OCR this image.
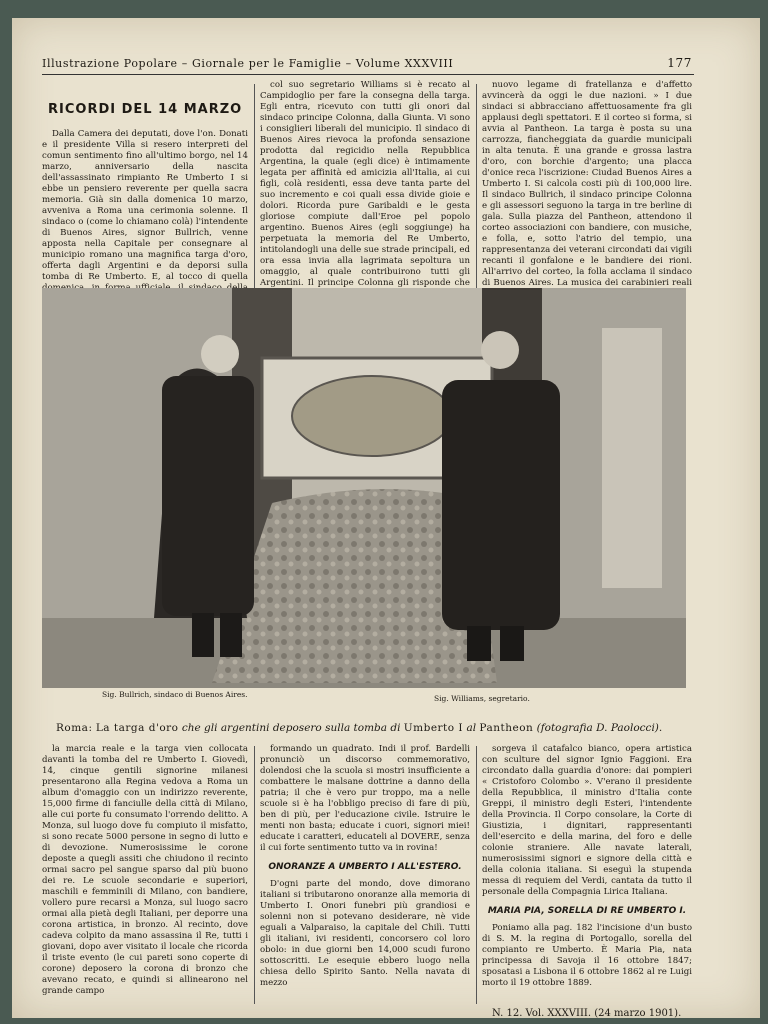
Illustrazione Popolare – Giornale per le Famiglie – Volume XXXVIII	177
RICORDI DEL 14 MARZO

Dalla Camera dei deputati, dove l'on. Donati e il presidente Villa si resero interpreti del comun sentimento fino all'ultimo borgo, nel 14 marzo, anniversario della nascita dell'assassinato rimpianto Re Umberto I si ebbe un pensiero reverente per quella sacra memoria. Già sin dalla domenica 10 marzo, avveniva a Roma una cerimonia solenne. Il sindaco o (come lo chiamano colà) l'intendente di Buenos Aires, signor Bullrich, venne apposta nella Capitale per consegnare al municipio romano una magnifica targa d'oro, offerta dagli Argentini e da deporsi sulla tomba di Re Umberto. E, al tocco di quella

col suo segretario Williams si è recato al Campidoglio per fare la consegna della targa. Egli entra, ricevuto con tutti gli onori dal sindaco principe Colonna, dalla Giunta. Vi sono i consiglieri liberali del municipio. Il sindaco di Buenos Aires rievoca la profonda sensazione prodotta dal regicidio nella Repubblica Argentina, la quale (egli dice) è intimamente legata per affinità ed amicizia all'Italia, ai cui figli, colà residenti, essa deve tanta parte del suo incremento e coi quali essa divide gioie e dolori. Ricorda pure Garibaldi e le gesta gloriose compiute dall'Eroe pel popolo argentino. Buenos Aires (egli soggiunge) ha perpetuata la memoria del Re Umberto, intitolandogli una delle sue strade principali, ed ora essa invia alla lagrimata sepoltura un omaggio, al quale contribuirono tutti gli Argentini. Il principe Colonna gli risponde che

nuovo legame di fratellanza e d'affetto avvincerà da oggi le due nazioni. » I due sindaci si abbracciano affettuosamente fra gli applausi degli spettatori. E il corteo si forma, si avvia al Pantheon. La targa è posta su una carrozza, fiancheggiata da guardie municipali in alta tenuta. È una grande e grossa lastra d'oro, con borchie d'argento; una placca d'onice reca l'iscrizione: Ciudad Buenos Aires a Umberto I. Si calcola costi più di 100,000 lire. Il sindaco Bullrich, il sindaco principe Colonna e gli assessori seguono la targa in tre berline di gala. Sulla piazza del Pantheon, attendono il corteo associazioni con bandiere, con musiche, e folla, e, sotto l'atrio del tempio, una rappresentanza dei veterani circondati dai vigili recanti il gonfalone e le bandiere dei rioni. All'arrivo del corteo, la folla acclama il sindaco di Buenos Aires. La musica dei carabinieri reali

Sig. Bullrich, sindaco di Buenos Aires.	Sig. Williams, segretario.
Roma: La targa d'oro che gli argentini deposero sulla tomba di Umberto I al Pantheon (fotografia D. Paolocci).

la marcia reale e la targa vien collocata davanti la tomba del re Umberto I. Giovedì, 14, cinque gentili signorine milanesi presentarono alla Regina vedova a Roma un album d'omaggio con un indirizzo reverente, 15,000 firme di fanciulle della città di Milano, alle cui porte fu consumato l'orrendo delitto. A Monza, sul luogo dove fu compiuto il misfatto, si sono recate 5000 persone in segno di lutto e di devozione. Numerosissime le corone deposte a quegli assiti che chiudono il recinto ormai sacro pel sangue sparso dal più buono dei re. Le scuole secondarie e superiori, maschili e femminili di Milano, con bandiere, vollero pure recarsi a Monza, sul luogo sacro ormai alla pietà degli Italiani, per deporre una corona artistica, in bronzo. Al recinto, dove cadeva colpito da mano assassina il Re, tutti i giovani, dopo aver visitato il locale che ricorda il triste evento (le cui pareti sono coperte di corone) deposero la corona di bronzo che avevano recato, e quindi si allinearono nel grande campo

formando un quadrato. Indi il prof. Bardelli pronunciò un discorso commemorativo, dolendosi che la scuola si mostri insufficiente a combattere le malsane dottrine a danno della patria; il che è vero pur troppo, ma a nelle scuole si è ha l'obbligo preciso di fare di più, ben di più, per l'educazione civile. Istruire le menti non basta; educate i cuori, signori miei! educate i caratteri, educateli al DOVERE, senza il cui forte sentimento tutto va in rovina!

ONORANZE A UMBERTO I ALL'ESTERO.

D'ogni parte del mondo, dove dimorano italiani si tributarono onoranze alla memoria di Umberto I. Onori funebri più grandiosi e solenni non si potevano desiderare, nè vide eguali a Valparaiso, la capitale del Chilì. Tutti gli italiani, ivi residenti, concorsero col loro obolo: in due giorni ben 14,000 scudi furono sottoscritti. Le esequie ebbero luogo nella chiesa dello Spirito Santo. Nella navata di mezzo

sorgeva il catafalco bianco, opera artistica con sculture del signor Ignio Faggioni. Era circondato dalla guardia d'onore: dai pompieri « Cristoforo Colombo ». V'erano il presidente della Repubblica, il ministro d'Italia conte Greppi, il ministro degli Esteri, l'intendente della Provincia. Il Corpo consolare, la Corte di Giustizia, i dignitari, rappresentanti dell'esercito e della marina, del foro e delle colonie straniere. Alle navate laterali, numerosissimi signori e signore della città e della colonia italiana. Si eseguì la stupenda messa di requiem del Verdi, cantata da tutto il personale della Compagnia Lirica Italiana.

MARIA PIA, SORELLA DI RE UMBERTO I.

Poniamo alla pag. 182 l'incisione d'un busto di S. M. la regina di Portogallo, sorella del compianto re Umberto. È Maria Pia, nata principessa di Savoja il 16 ottobre 1847; sposatasi a Lisbona il 6 ottobre 1862 al re Luigi morto il 19 ottobre 1889.

N. 12. Vol. XXXVIII. (24 marzo 1901).
